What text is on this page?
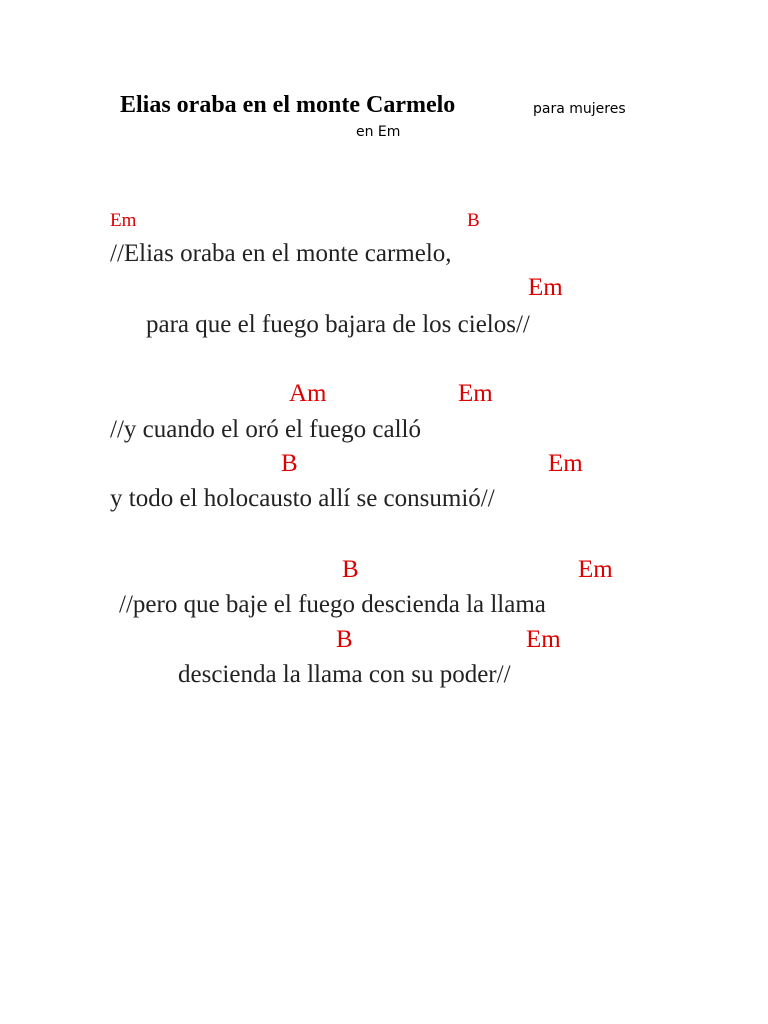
Elias oraba en el monte Carmelo	para mujeres
en Em
Em	B
//Elias oraba en el monte carmelo,
Em
para que el fuego bajara de los cielos//
Am	Em
//y cuando el oró el fuego calló
B	Em
y todo el holocausto allí se consumió//
B	Em
//pero que baje el fuego descienda la llama
B	Em
descienda la llama con su poder//
